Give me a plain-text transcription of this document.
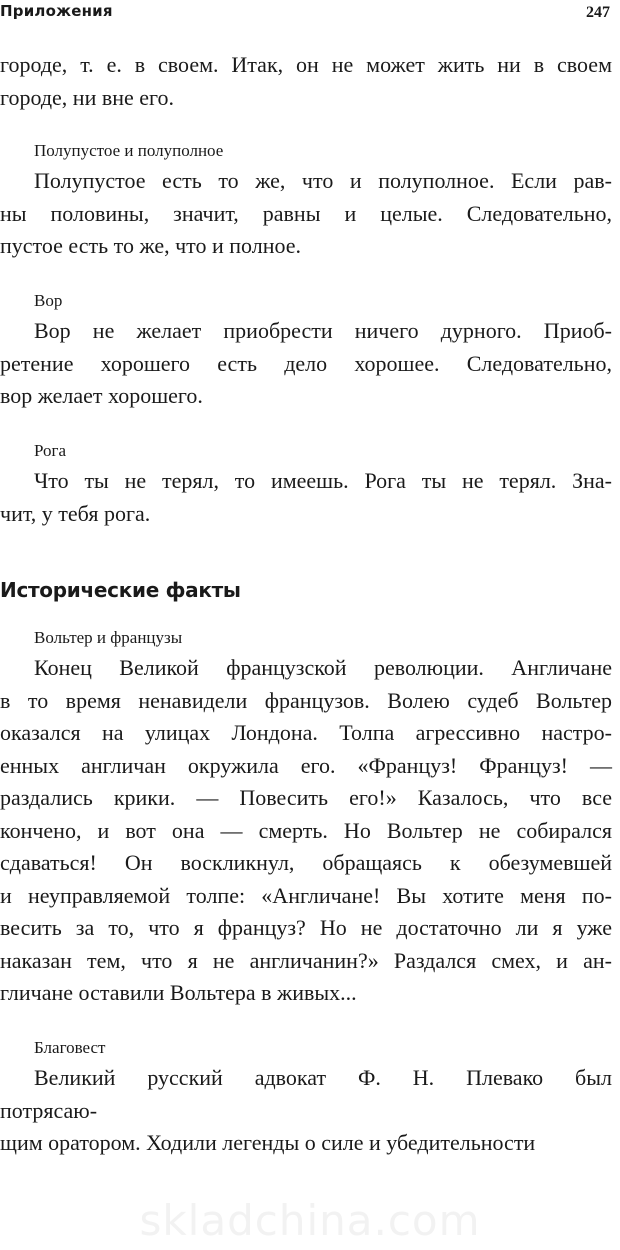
Приложения	247

городе, т. е. в своем. Итак, он не может жить ни в своем
городе, ни вне его.

Полупустое и полуполное

Полупустое есть то же, что и полуполное. Если рав-
ны половины, значит, равны и целые. Следовательно,
пустое есть то же, что и полное.

Вор

Вор не желает приобрести ничего дурного. Приоб-
ретение хорошего есть дело хорошее. Следовательно,
вор желает хорошего.

Рога

Что ты не терял, то имеешь. Рога ты не терял. Зна-
чит, у тебя рога.

Исторические факты
Вольтер и французы

Конец Великой французской революции. Англичане
в то время ненавидели французов. Волею судеб Вольтер
оказался на улицах Лондона. Толпа агрессивно настро-
енных англичан окружила его. «Француз! Француз! —
раздались крики. — Повесить его!» Казалось, что все
кончено, и вот она — смерть. Но Вольтер не собирался
сдаваться! Он воскликнул, обращаясь к обезумевшей
и неуправляемой толпе: «Англичане! Вы хотите меня по-
весить за то, что я француз? Но не достаточно ли я уже
наказан тем, что я не англичанин?» Раздался смех, и ан-
гличане оставили Вольтера в живых...

Благовест

Великий русский адвокат Ф. Н. Плевако был
потрясаю-
щим оратором. Ходили легенды о силе и убедительности

skladchina.com
